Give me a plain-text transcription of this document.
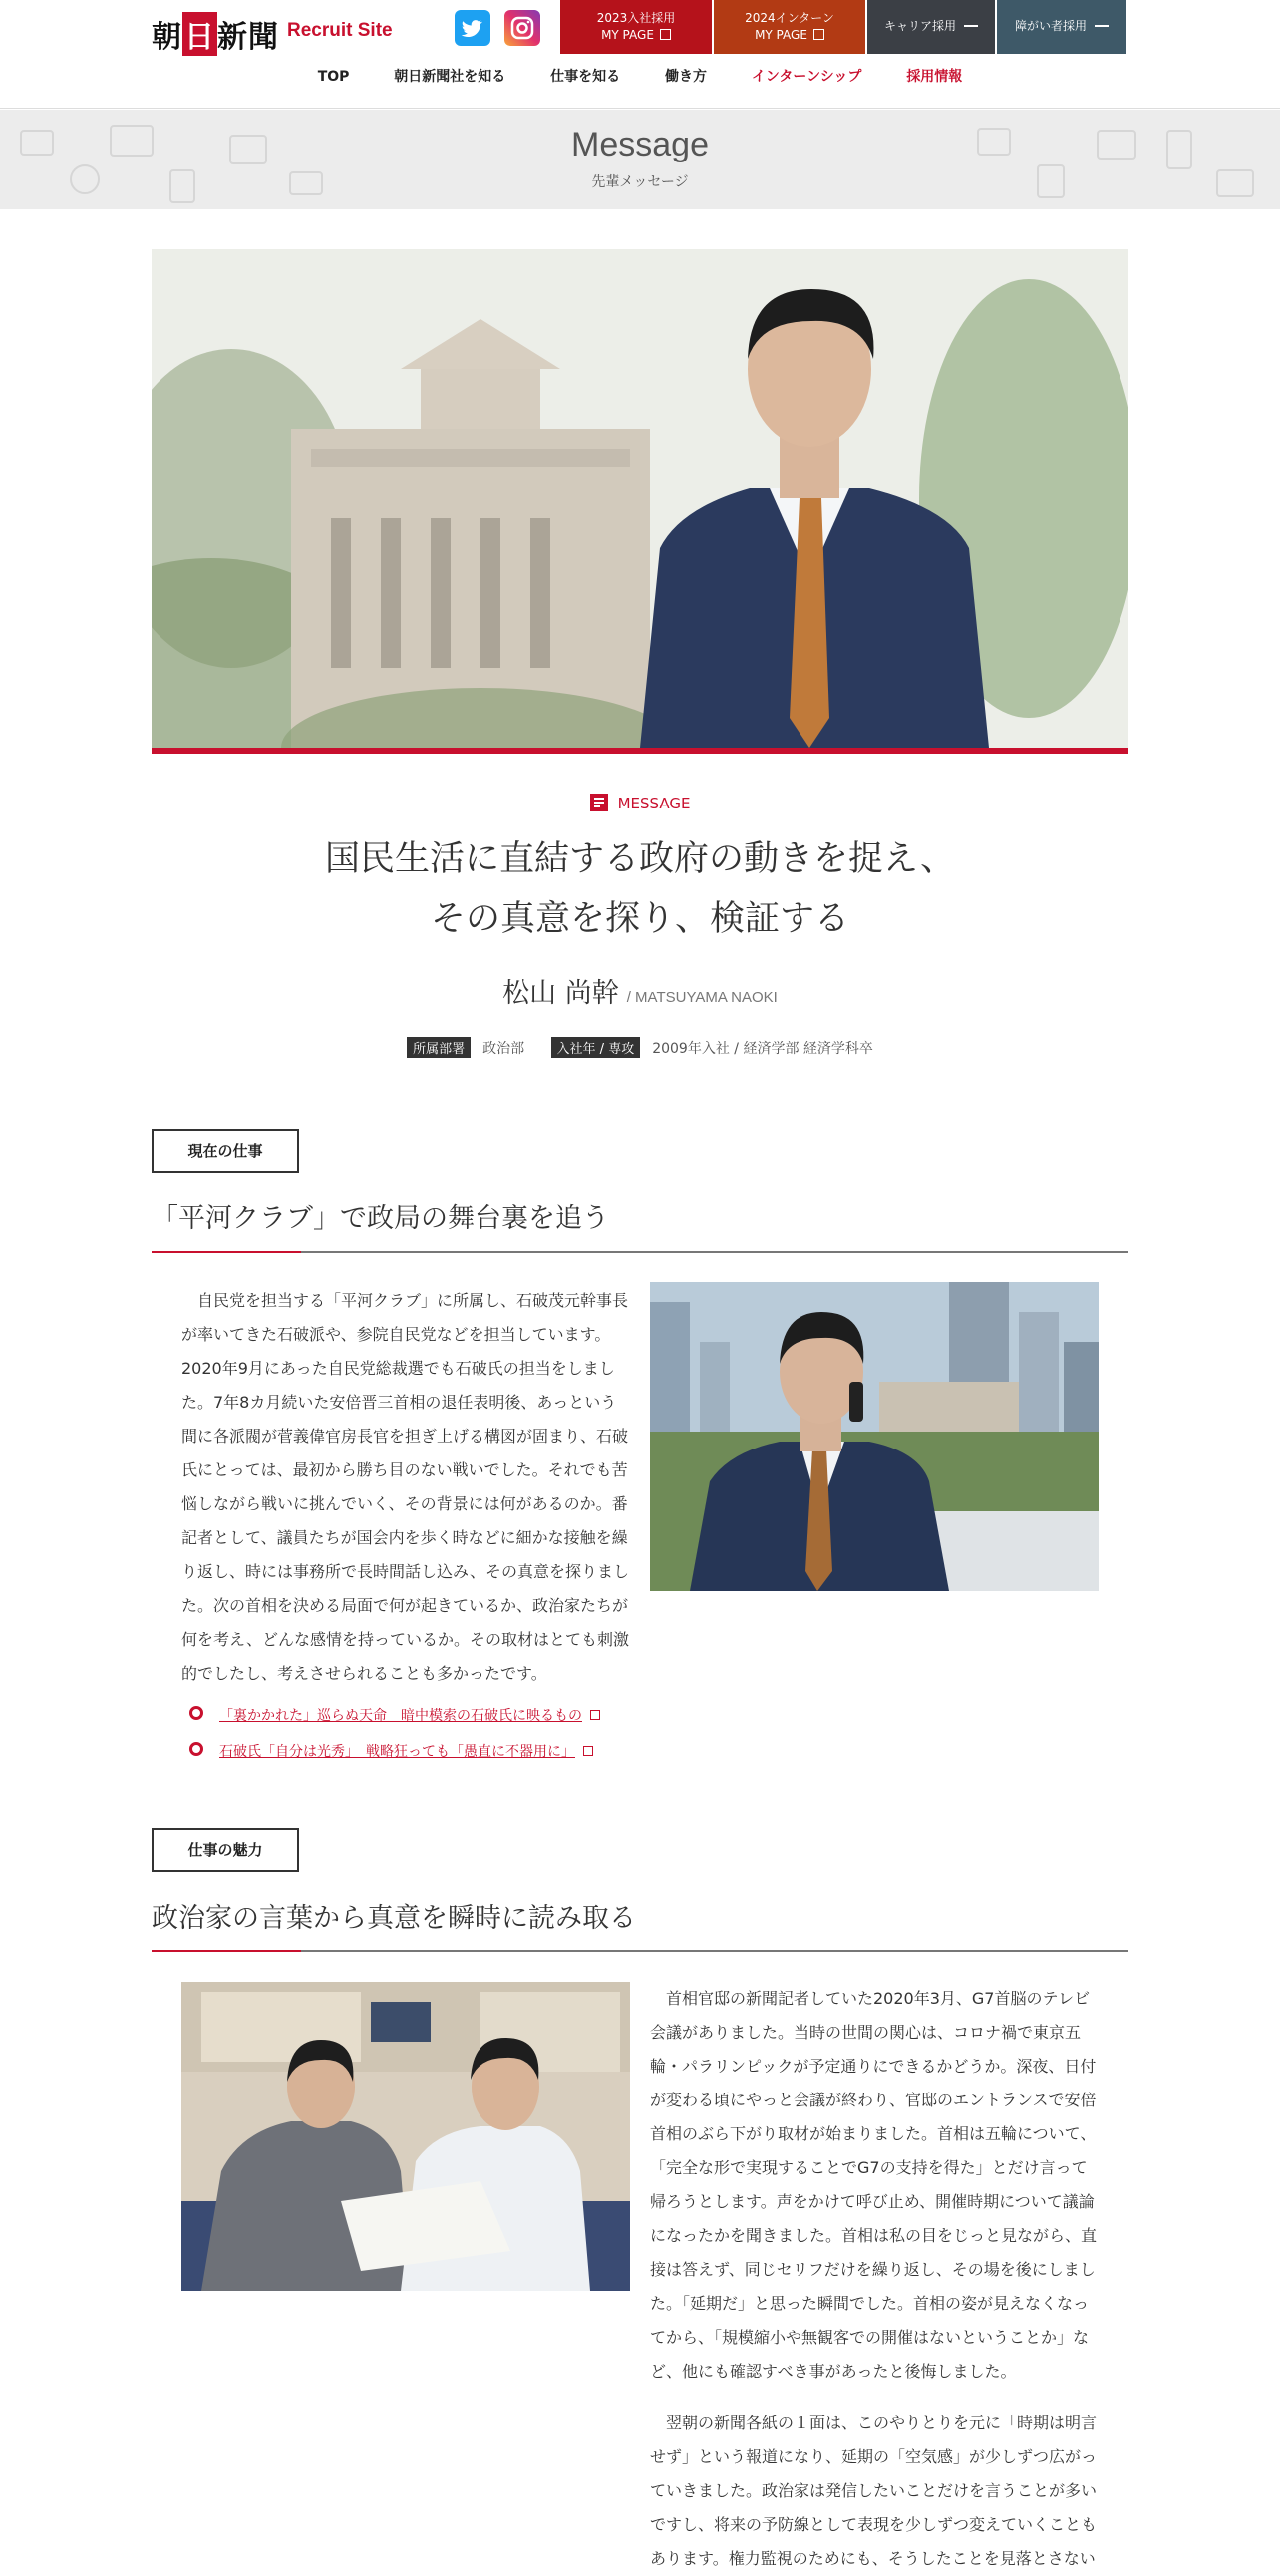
朝日新聞 Recruit Site
2023入社採用
MY PAGE
2024インターン
MY PAGE
キャリア採用	障がい者採用
TOP	朝日新聞社を知る	仕事を知る	働き方	インターンシップ	採用情報
Message
先輩メッセージ
MESSAGE
国民生活に直結する政府の動きを捉え、
その真意を探り、検証する
松山 尚幹 / MATSUYAMA NAOKI
所属部署 政治部 入社年 / 専攻 2009年入社 / 経済学部 経済学科卒
現在の仕事
「平河クラブ」で政局の舞台裏を追う

自民党を担当する「平河クラブ」に所属し、石破茂元幹事長が率いてきた石破派や、参院自民党などを担当しています。2020年9月にあった自民党総裁選でも石破氏の担当をしました。7年8カ月続いた安倍晋三首相の退任表明後、あっという間に各派閥が菅義偉官房長官を担ぎ上げる構図が固まり、石破氏にとっては、最初から勝ち目のない戦いでした。それでも苦悩しながら戦いに挑んでいく、その背景には何があるのか。番記者として、議員たちが国会内を歩く時などに細かな接触を繰り返し、時には事務所で長時間話し込み、その真意を探りました。次の首相を決める局面で何が起きているか、政治家たちが何を考え、どんな感情を持っているか。その取材はとても刺激的でしたし、考えさせられることも多かったです。

「裏かかれた」巡らぬ天命　暗中模索の石破氏に映るもの
石破氏「自分は光秀」　戦略狂っても「愚直に不器用に」
仕事の魅力
政治家の言葉から真意を瞬時に読み取る

首相官邸の新聞記者していた2020年3月、G7首脳のテレビ会議がありました。当時の世間の関心は、コロナ禍で東京五輪・パラリンピックが予定通りにできるかどうか。深夜、日付が変わる頃にやっと会議が終わり、官邸のエントランスで安倍首相のぶら下がり取材が始まりました。首相は五輪について、「完全な形で実現することでG7の支持を得た」とだけ言って帰ろうとします。声をかけて呼び止め、開催時期について議論になったかを聞きました。首相は私の目をじっと見ながら、直接は答えず、同じセリフだけを繰り返し、その場を後にしました。「延期だ」と思った瞬間でした。首相の姿が見えなくなってから、「規模縮小や無観客での開催はないということか」など、他にも確認すべき事があったと後悔しました。

翌朝の新聞各紙の１面は、このやりとりを元に「時期は明言せず」という報道になり、延期の「空気感」が少しずつ広がっていきました。政治家は発信したいことだけを言うことが多いですし、将来の予防線として表現を少しずつ変えていくこともあります。権力監視のためにも、そうしたことを見落とさない
